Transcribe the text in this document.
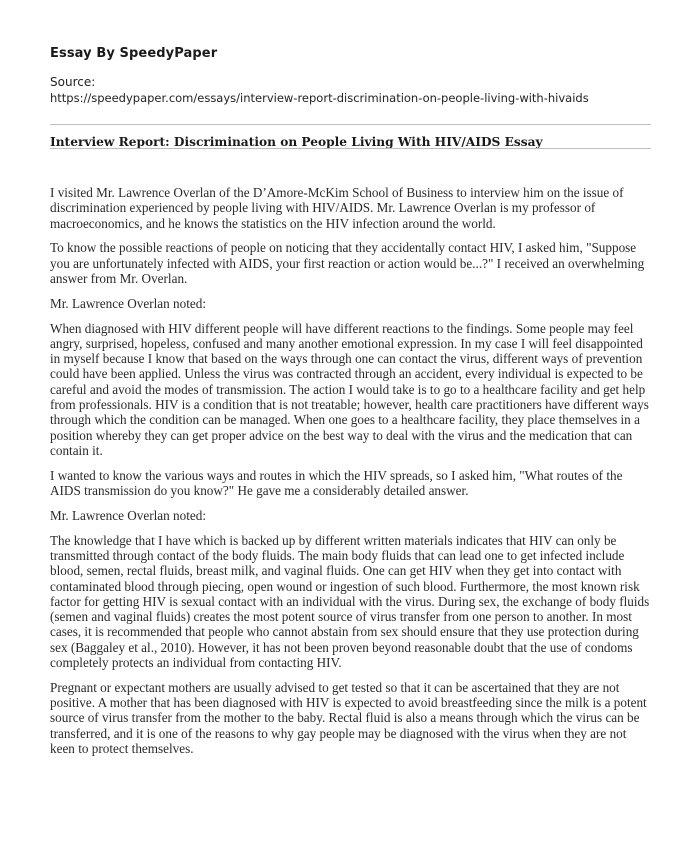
Essay By SpeedyPaper
Source:
https://speedypaper.com/essays/interview-report-discrimination-on-people-living-with-hivaids
Interview Report: Discrimination on People Living With HIV/AIDS Essay

I visited Mr. Lawrence Overlan of the D’Amore-McKim School of Business to interview him on the issue of discrimination experienced by people living with HIV/AIDS. Mr. Lawrence Overlan is my professor of macroeconomics, and he knows the statistics on the HIV infection around the world.

To know the possible reactions of people on noticing that they accidentally contact HIV, I asked him, "Suppose you are unfortunately infected with AIDS, your first reaction or action would be...?" I received an overwhelming answer from Mr. Overlan.

Mr. Lawrence Overlan noted:

When diagnosed with HIV different people will have different reactions to the findings. Some people may feel angry, surprised, hopeless, confused and many another emotional expression. In my case I will feel disappointed in myself because I know that based on the ways through one can contact the virus, different ways of prevention could have been applied. Unless the virus was contracted through an accident, every individual is expected to be careful and avoid the modes of transmission. The action I would take is to go to a healthcare facility and get help from professionals. HIV is a condition that is not treatable; however, health care practitioners have different ways through which the condition can be managed. When one goes to a healthcare facility, they place themselves in a position whereby they can get proper advice on the best way to deal with the virus and the medication that can contain it.

I wanted to know the various ways and routes in which the HIV spreads, so I asked him, "What routes of the AIDS transmission do you know?" He gave me a considerably detailed answer.

Mr. Lawrence Overlan noted:

The knowledge that I have which is backed up by different written materials indicates that HIV can only be transmitted through contact of the body fluids. The main body fluids that can lead one to get infected include blood, semen, rectal fluids, breast milk, and vaginal fluids. One can get HIV when they get into contact with contaminated blood through piecing, open wound or ingestion of such blood. Furthermore, the most known risk factor for getting HIV is sexual contact with an individual with the virus. During sex, the exchange of body fluids (semen and vaginal fluids) creates the most potent source of virus transfer from one person to another. In most cases, it is recommended that people who cannot abstain from sex should ensure that they use protection during sex (Baggaley et al., 2010). However, it has not been proven beyond reasonable doubt that the use of condoms completely protects an individual from contacting HIV.

Pregnant or expectant mothers are usually advised to get tested so that it can be ascertained that they are not positive. A mother that has been diagnosed with HIV is expected to avoid breastfeeding since the milk is a potent source of virus transfer from the mother to the baby. Rectal fluid is also a means through which the virus can be transferred, and it is one of the reasons to why gay people may be diagnosed with the virus when they are not keen to protect themselves.
